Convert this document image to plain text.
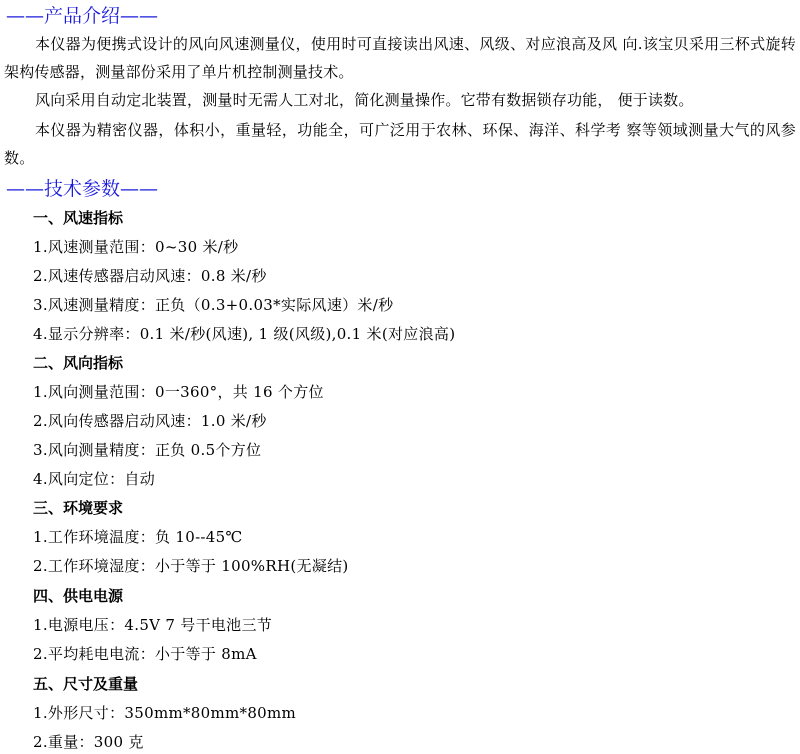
——产品介绍——
本仪器为便携式设计的风向风速测量仪，使用时可直接读出风速、风级、对应浪高及风 向.该宝贝采用三杯式旋转架构传感器，测量部份采用了单片机控制测量技术。
风向采用自动定北装置，测量时无需人工对北，简化测量操作。它带有数据锁存功能， 便于读数。
本仪器为精密仪器，体积小，重量轻，功能全，可广泛用于农林、环保、海洋、科学考 察等领域测量大气的风参数。
——技术参数——
一、风速指标
1.风速测量范围：0~30 米/秒
2.风速传感器启动风速：0.8 米/秒
3.风速测量精度：正负（0.3+0.03*实际风速）米/秒
4.显示分辨率：0.1 米/秒(风速), 1 级(风级),0.1 米(对应浪高)
二、风向指标
1.风向测量范围：0一360°，共 16 个方位
2.风向传感器启动风速：1.0 米/秒
3.风向测量精度：正负 0.5个方位
4.风向定位：自动
三、环境要求
1.工作环境温度：负 10--45℃
2.工作环境湿度：小于等于 100%RH(无凝结)
四、供电电源
1.电源电压：4.5V 7 号干电池三节
2.平均耗电电流：小于等于 8mA
五、尺寸及重量
1.外形尺寸：350mm*80mm*80mm
2.重量：300 克
